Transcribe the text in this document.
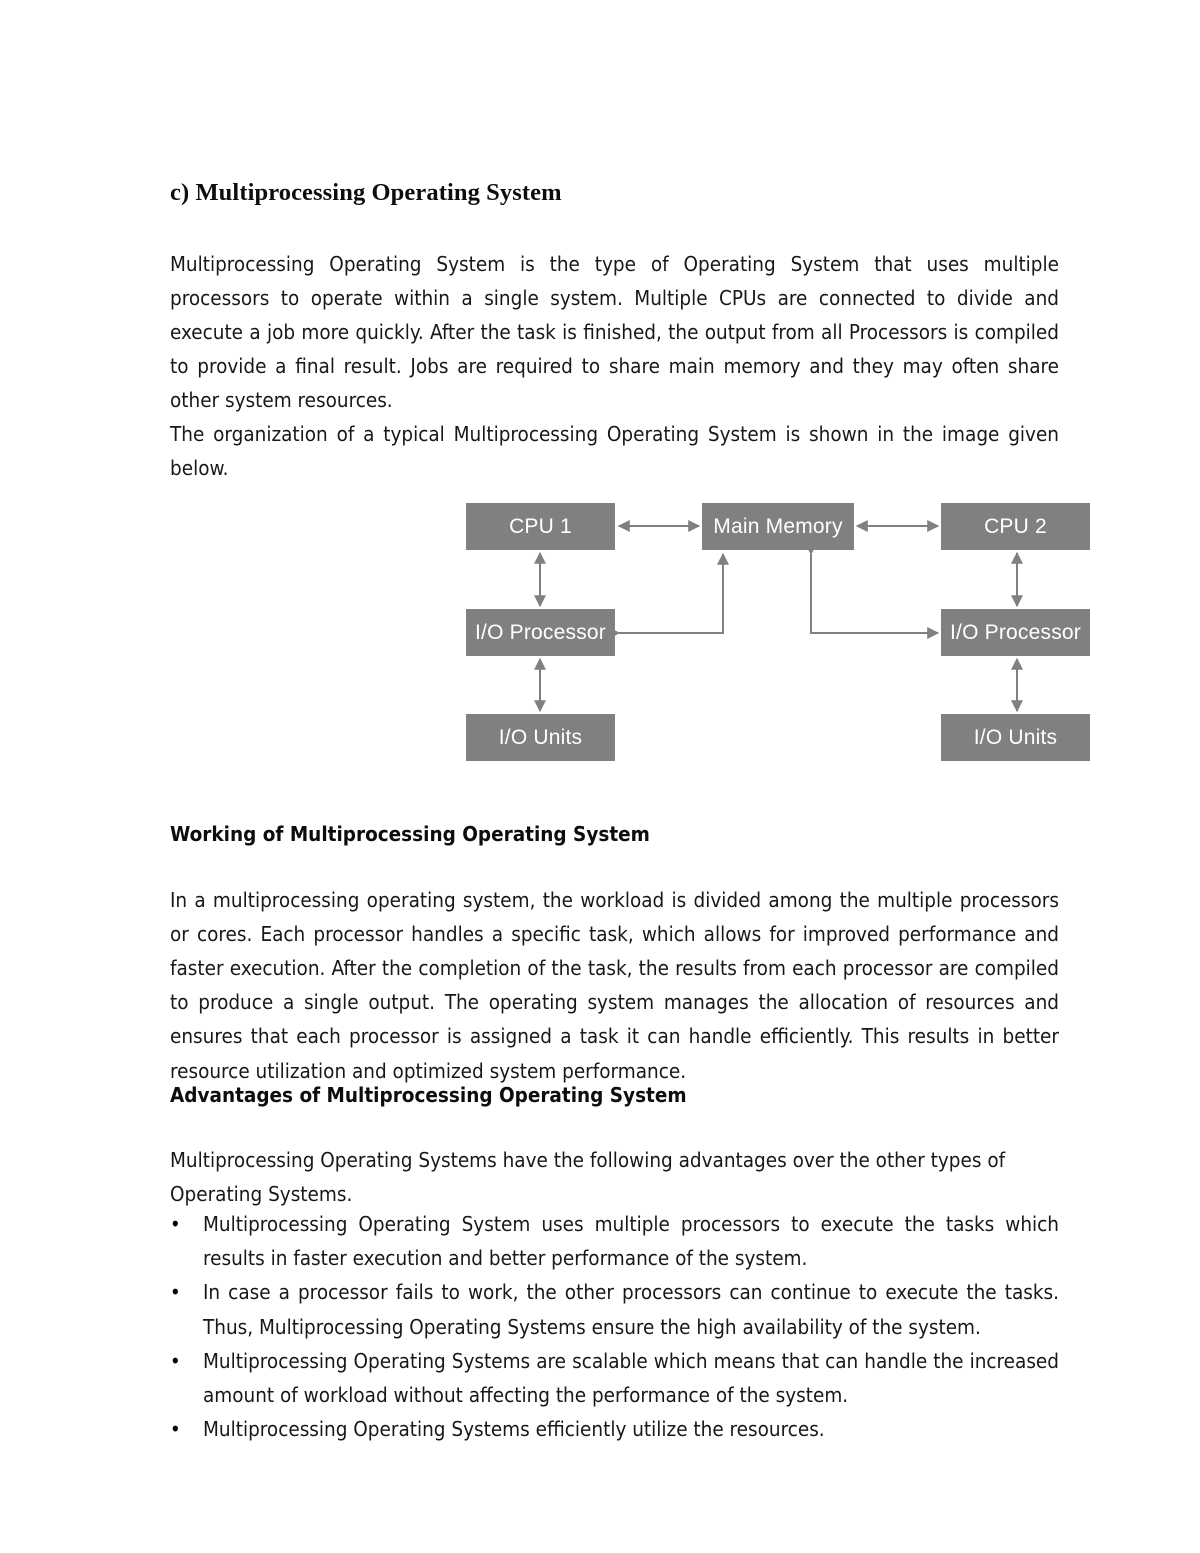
c) Multiprocessing Operating System

Multiprocessing Operating System is the type of Operating System that uses multiple processors to operate within a single system. Multiple CPUs are connected to divide and execute a job more quickly. After the task is finished, the output from all Processors is compiled to provide a final result. Jobs are required to share main memory and they may often share other system resources.

The organization of a typical Multiprocessing Operating System is shown in the image given below.

CPU 1	Main Memory	CPU 2
I/O Processor	I/O Processor
I/O Units	I/O Units
Working of Multiprocessing Operating System

In a multiprocessing operating system, the workload is divided among the multiple processors or cores. Each processor handles a specific task, which allows for improved performance and faster execution. After the completion of the task, the results from each processor are compiled to produce a single output. The operating system manages the allocation of resources and ensures that each processor is assigned a task it can handle efficiently. This results in better resource utilization and optimized system performance.

Advantages of Multiprocessing Operating System

Multiprocessing Operating Systems have the following advantages over the other types of Operating Systems.

• Multiprocessing Operating System uses multiple processors to execute the tasks which results in faster execution and better performance of the system.
• In case a processor fails to work, the other processors can continue to execute the tasks. Thus, Multiprocessing Operating Systems ensure the high availability of the system.
• Multiprocessing Operating Systems are scalable which means that can handle the increased amount of workload without affecting the performance of the system.
• Multiprocessing Operating Systems efficiently utilize the resources.
